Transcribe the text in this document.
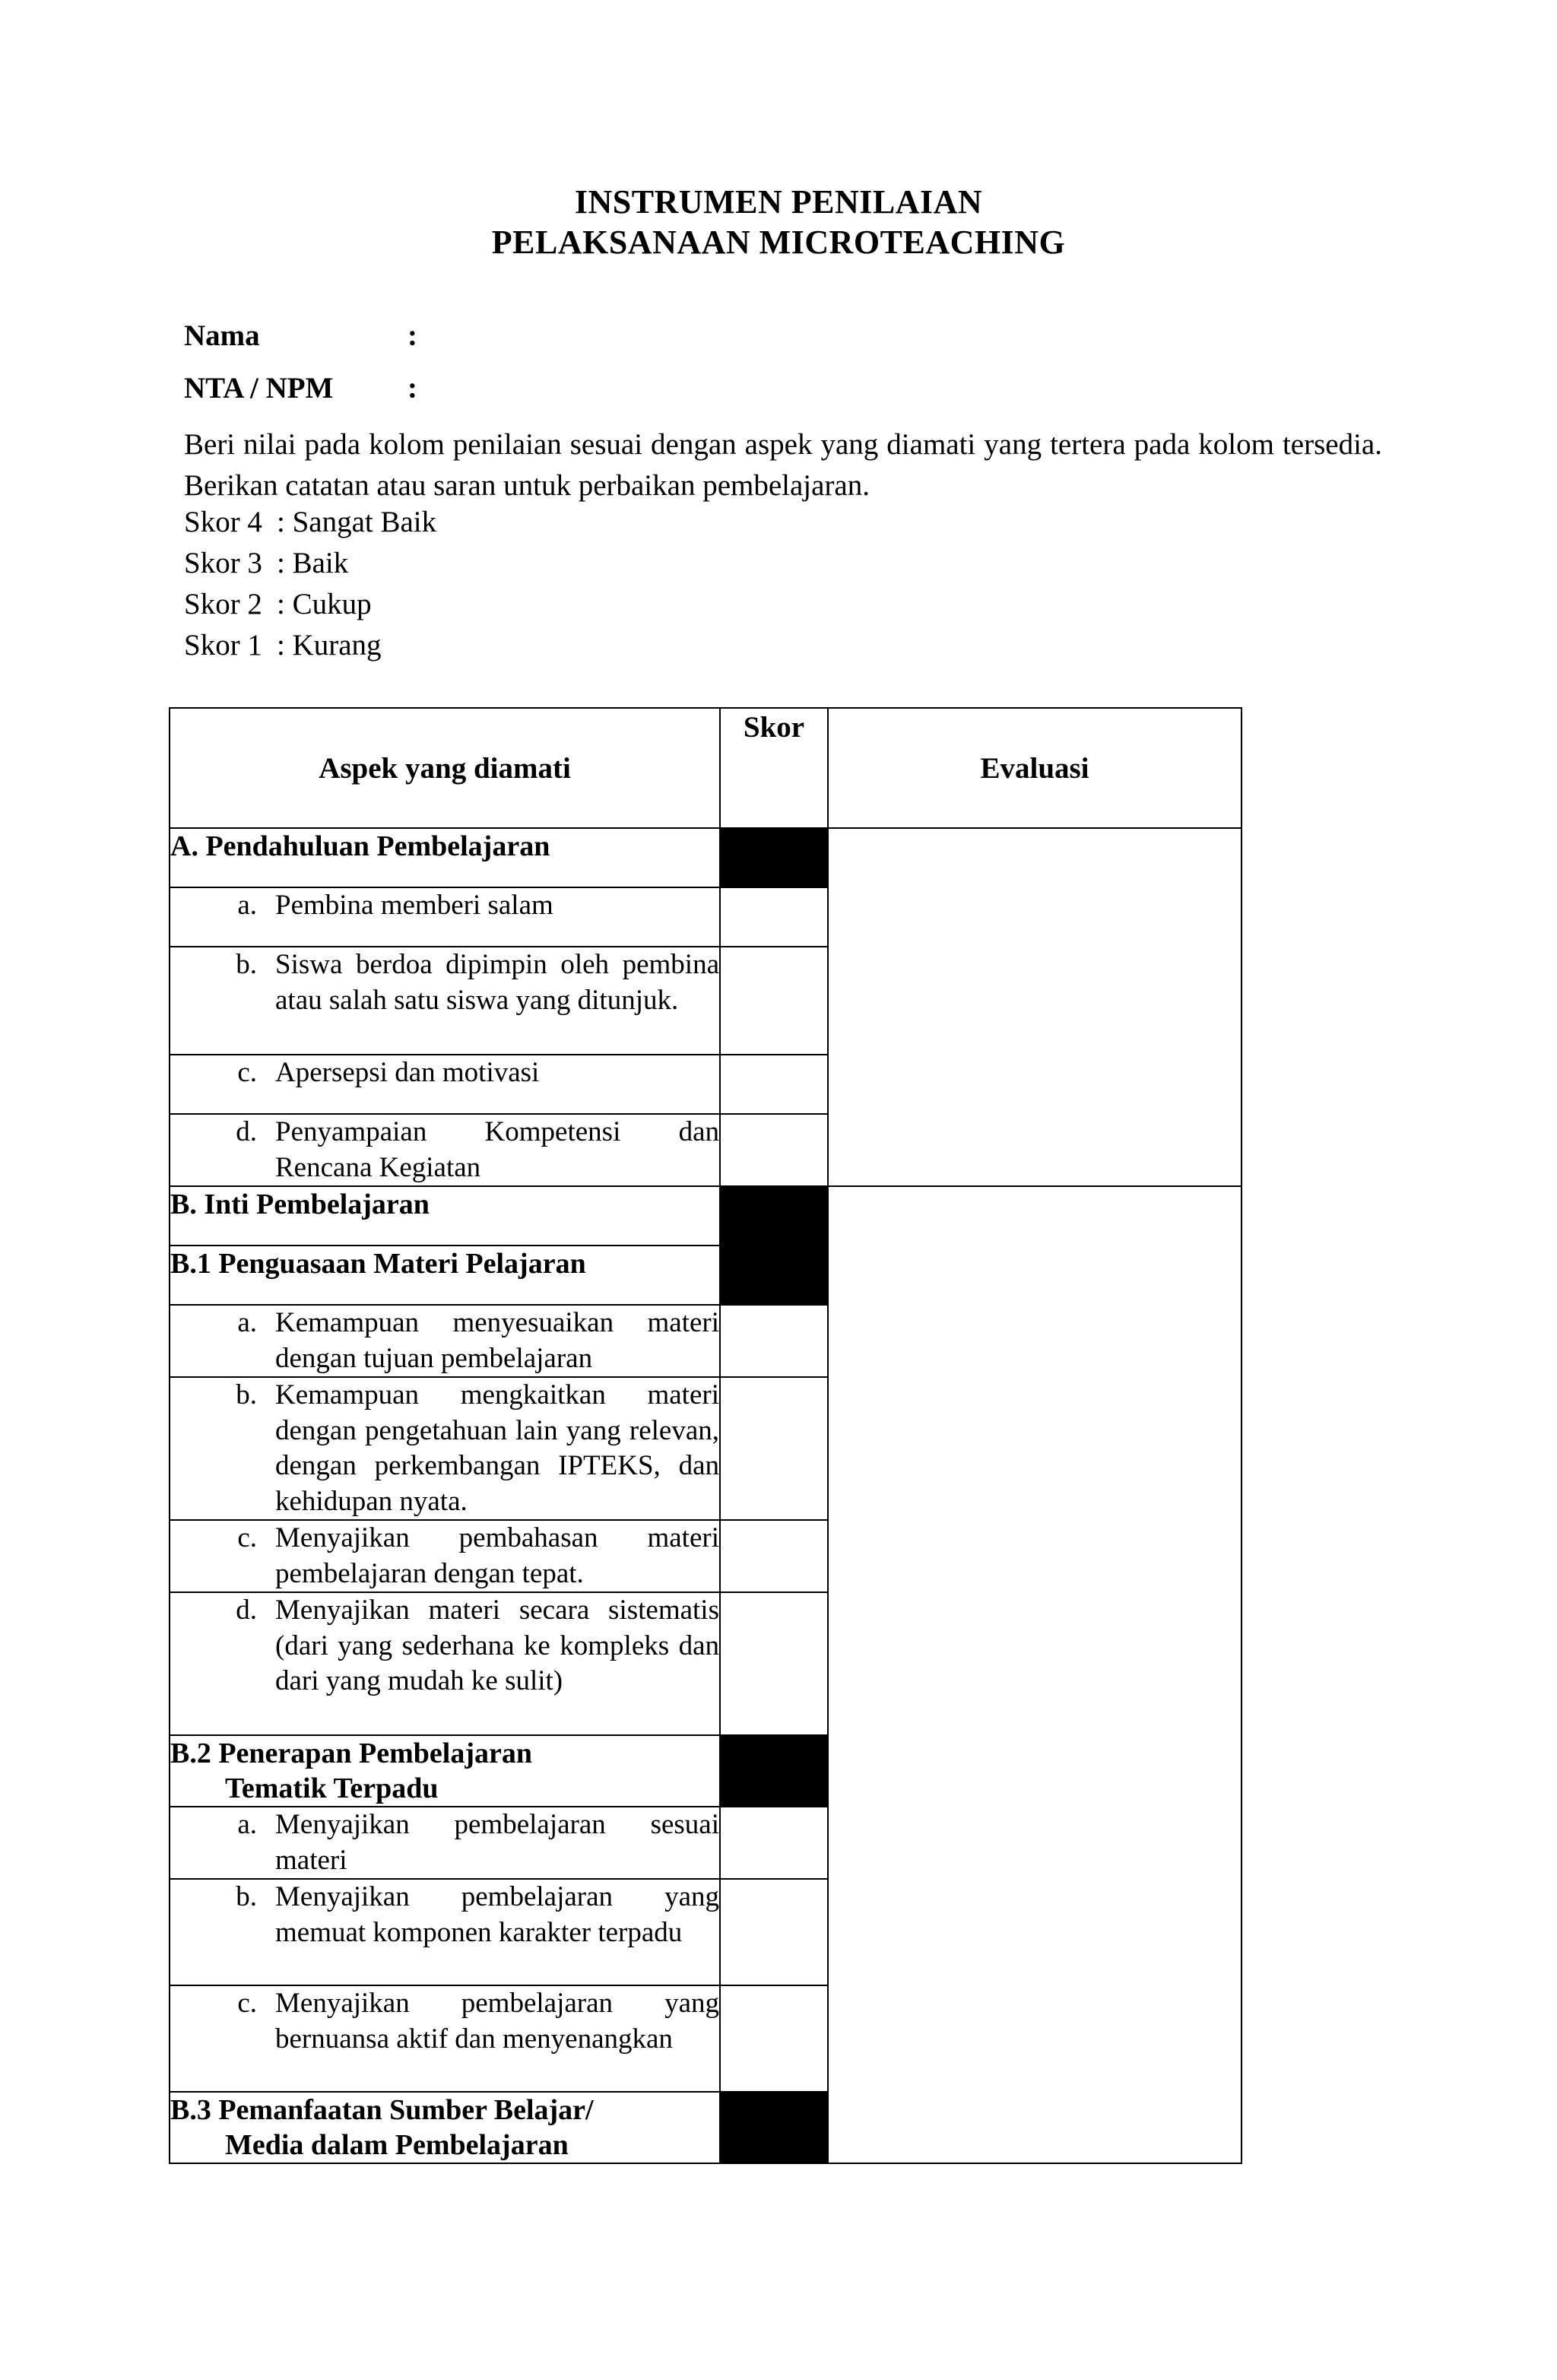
INSTRUMEN PENILAIAN
PELAKSANAAN MICROTEACHING
Nama	:
NTA / NPM	:
Beri nilai pada kolom penilaian sesuai dengan aspek yang diamati yang tertera pada kolom tersedia. Berikan catatan atau saran untuk perbaikan pembelajaran.
Skor 4 : Sangat Baik
Skor 3 : Baik
Skor 2 : Cukup
Skor 1 : Kurang
Aspek yang diamati	Skor	Evaluasi
A. Pendahuluan Pembelajaran		

a. Pembina memberi salam		

b. Siswa berdoa dipimpin oleh pembina atau salah satu siswa yang ditunjuk.		

c. Apersepsi dan motivasi		

d. Penyampaian Kompetensi dan Rencana Kegiatan		

B. Inti Pembelajaran		
B.1 Penguasaan Materi Pelajaran		

a. Kemampuan menyesuaikan materi dengan tujuan pembelajaran		

b. Kemampuan mengkaitkan materi dengan pengetahuan lain yang relevan, dengan perkembangan IPTEKS, dan kehidupan nyata.		

c. Menyajikan pembahasan materi pembelajaran dengan tepat.		

d. Menyajikan materi secara sistematis (dari yang sederhana ke kompleks dan dari yang mudah ke sulit)		

B.2 Penerapan Pembelajaran
Tematik Terpadu		

a. Menyajikan pembelajaran sesuai materi		

b. Menyajikan pembelajaran yang memuat komponen karakter terpadu		

c. Menyajikan pembelajaran yang bernuansa aktif dan menyenangkan		

B.3 Pemanfaatan Sumber Belajar/
Media dalam Pembelajaran		
